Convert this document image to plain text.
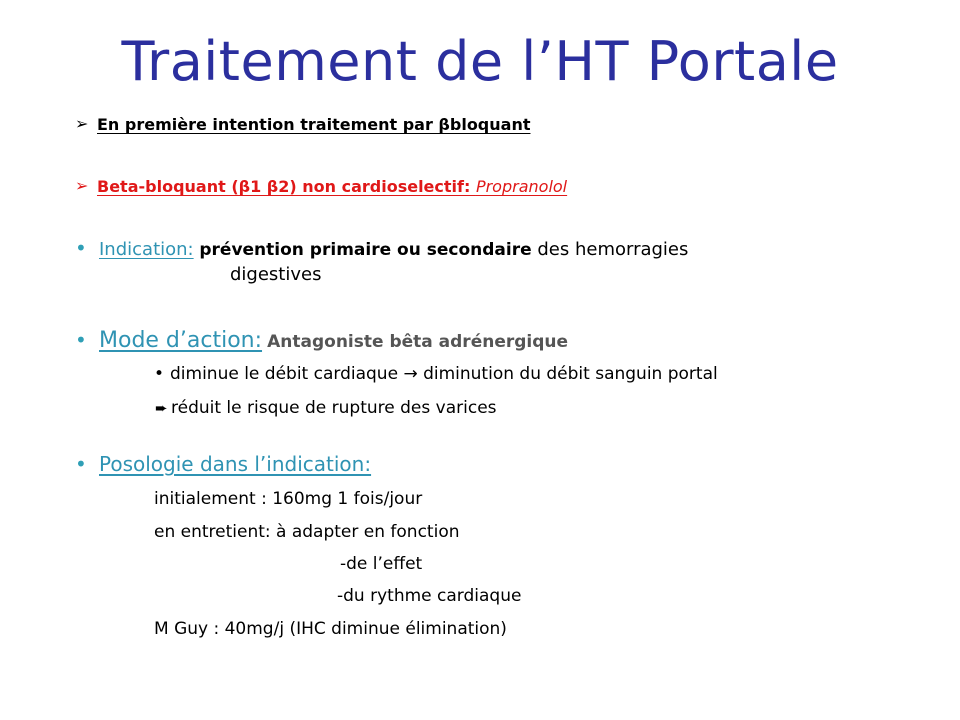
Traitement de l’HT Portale
➢ En première intention traitement par βbloquant
➢ Beta-bloquant (β1 β2) non cardioselectif: Propranolol
• Indication: prévention primaire ou secondaire des hemorragies
digestives
• Mode d’action: Antagoniste bêta adrénergique
• diminue le débit cardiaque → diminution du débit sanguin portal
➨ réduit le risque de rupture des varices
• Posologie dans l’indication:
initialement : 160mg 1 fois/jour
en entretient: à adapter en fonction
-de l’effet
-du rythme cardiaque
M Guy : 40mg/j (IHC diminue élimination)
